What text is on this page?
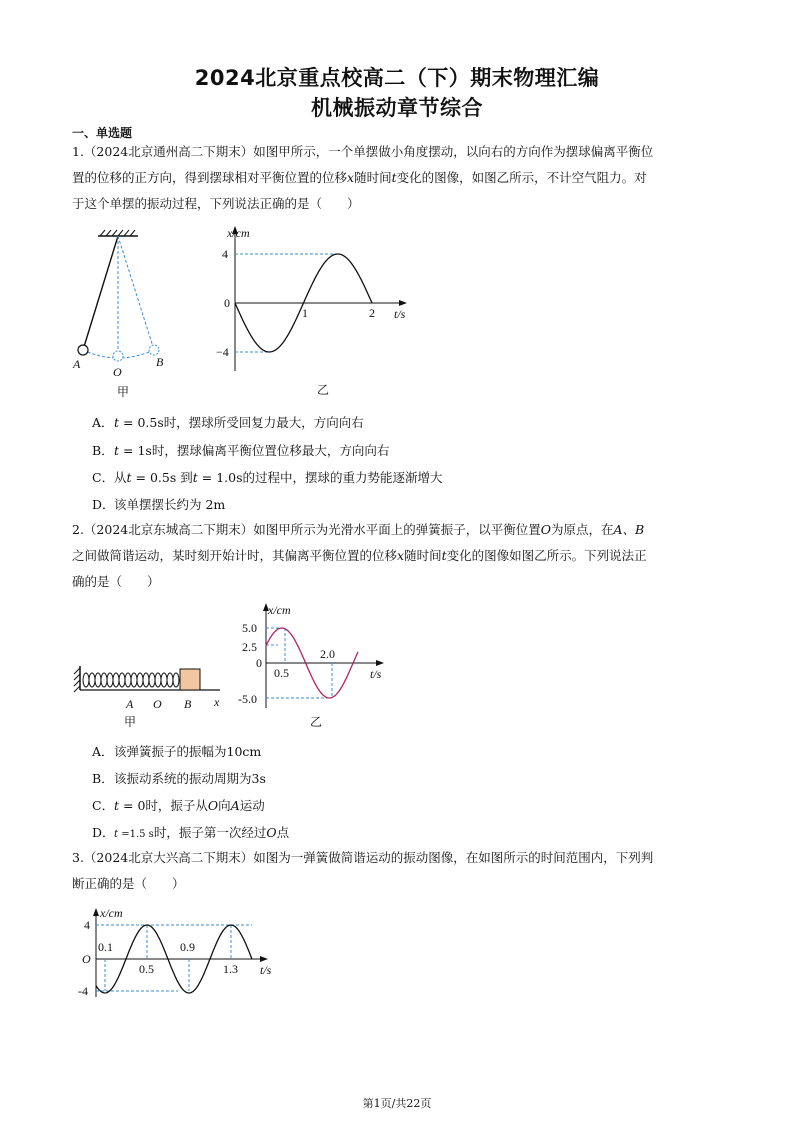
2024北京重点校高二（下）期末物理汇编
机械振动章节综合
一、单选题
1.（2024北京通州高二下期末）如图甲所示，一个单摆做小角度摆动，以向右的方向作为摆球偏离平衡位
置的位移的正方向，得到摆球相对平衡位置的位移x随时间t变化的图像，如图乙所示，不计空气阻力。对
于这个单摆的振动过程，下列说法正确的是（　　）
A
O
B
甲
x/cm
4
0
−4
1	2 t/s
乙
A．t = 0.5s时，摆球所受回复力最大，方向向右
B．t = 1s时，摆球偏离平衡位置位移最大，方向向右
C．从t = 0.5s 到t = 1.0s的过程中，摆球的重力势能逐渐增大
D．该单摆摆长约为 2m
2.（2024北京东城高二下期末）如图甲所示为光滑水平面上的弹簧振子，以平衡位置O为原点，在A、B
之间做简谐运动，某时刻开始计时，其偏离平衡位置的位移x随时间t变化的图像如图乙所示。下列说法正
确的是（　　）
A O B x
甲
x/cm
5.0
2.5
0
-5.0
0.5
2.0
t/s
乙
A．该弹簧振子的振幅为10cm
B．该振动系统的振动周期为3s
C．t = 0时，振子从O向A运动
D．t =1.5 s时，振子第一次经过O点
3.（2024北京大兴高二下期末）如图为一弹簧做简谐运动的振动图像，在如图所示的时间范围内，下列判
断正确的是（　　）
x/cm
4
O
-4
0.1
0.5
0.9
1.3 t/s
第1页/共22页
